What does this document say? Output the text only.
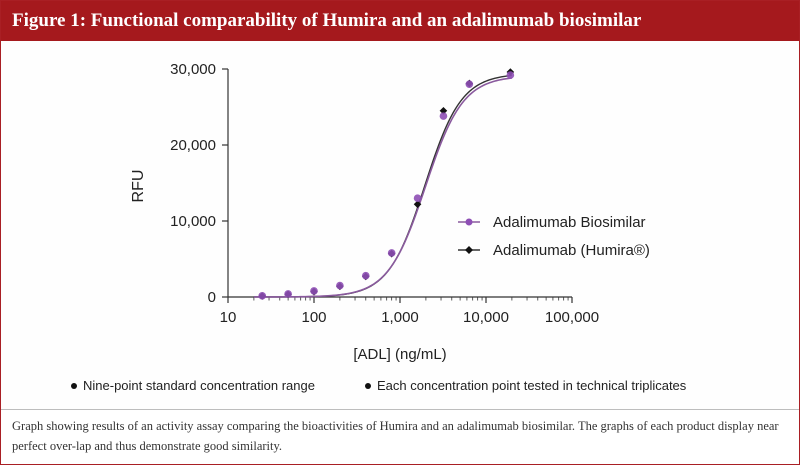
Figure 1: Functional comparability of Humira and an adalimumab biosimilar
10	100	1,000	10,000 100,000
0
10,000
20,000
30,000
RFU
[ADL] (ng/mL)
Adalimumab Biosimilar
Adalimumab (Humira®)
Nine-point standard concentration range	Each concentration point tested in technical triplicates
Graph showing results of an activity assay comparing the bioactivities of Humira and an adalimumab biosimilar. The graphs of each product display near perfect over-lap and thus demonstrate good similarity.
